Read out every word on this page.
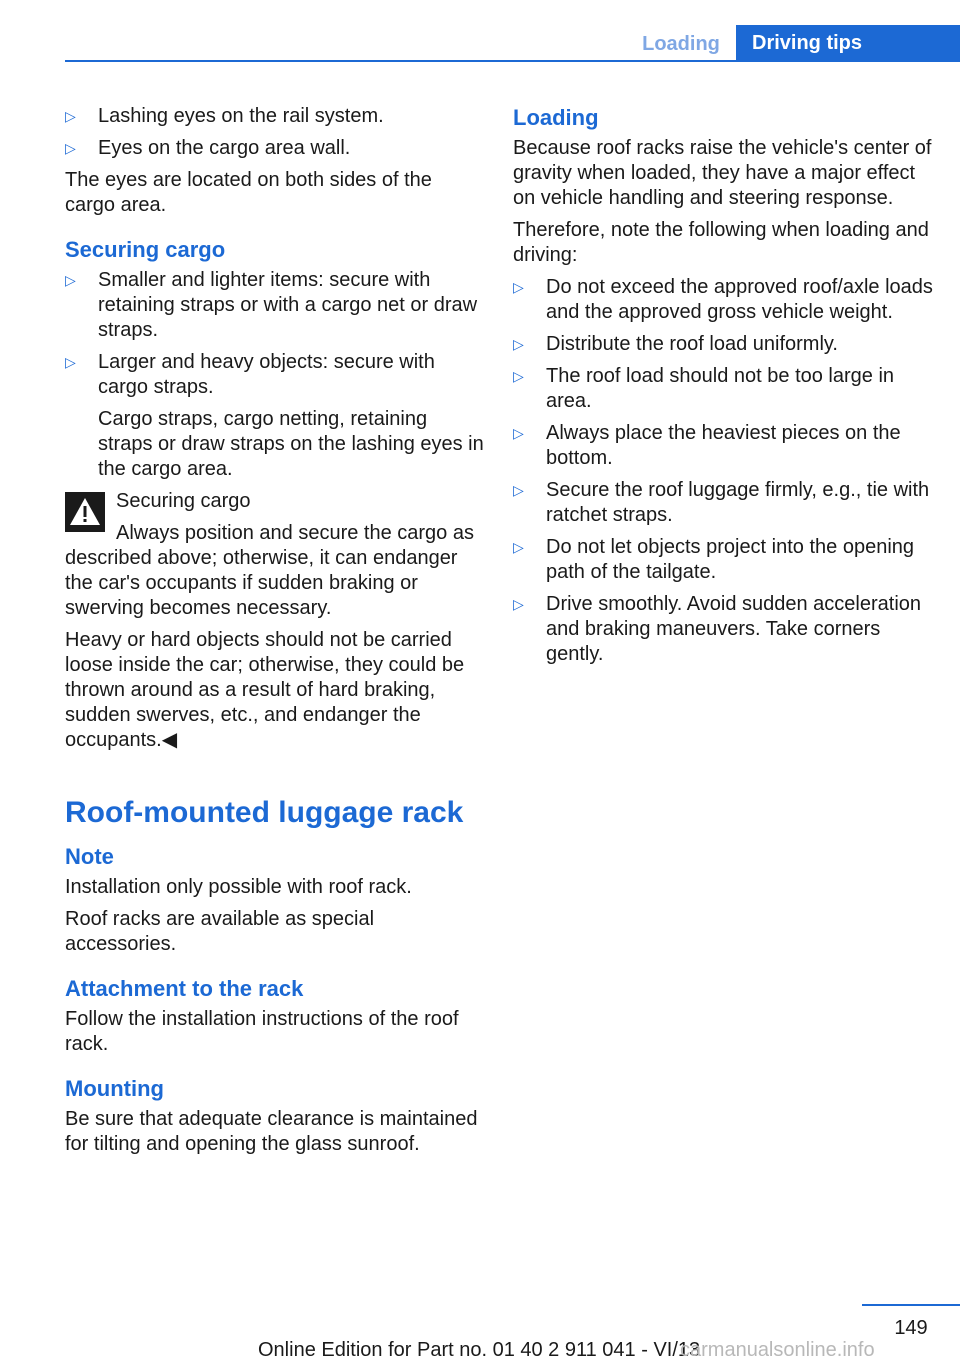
Loading	Driving tips
▷ Lashing eyes on the rail system.
▷ Eyes on the cargo area wall.

The eyes are located on both sides of the cargo area.

Securing cargo
▷ Smaller and lighter items: secure with retaining straps or with a cargo net or draw straps.
▷ Larger and heavy objects: secure with cargo straps.
Cargo straps, cargo netting, retaining straps or draw straps on the lashing eyes in the cargo area.

Securing cargo

Always position and secure the cargo as

described above; otherwise, it can endanger the car's occupants if sudden braking or swerving becomes necessary.

Heavy or hard objects should not be carried loose inside the car; otherwise, they could be thrown around as a result of hard braking, sudden swerves, etc., and endanger the occupants.◀

Roof-mounted luggage rack
Note

Installation only possible with roof rack.

Roof racks are available as special accessories.

Attachment to the rack

Follow the installation instructions of the roof rack.

Mounting

Be sure that adequate clearance is maintained for tilting and opening the glass sunroof.

Loading

Because roof racks raise the vehicle's center of gravity when loaded, they have a major effect on vehicle handling and steering response.

Therefore, note the following when loading and driving:

▷ Do not exceed the approved roof/axle loads and the approved gross vehicle weight.
▷ Distribute the roof load uniformly.
▷ The roof load should not be too large in area.
▷ Always place the heaviest pieces on the bottom.
▷ Secure the roof luggage firmly, e.g., tie with ratchet straps.
▷ Do not let objects project into the opening path of the tailgate.
▷ Drive smoothly. Avoid sudden acceleration and braking maneuvers. Take corners gently.
149
Online Edition for Part no. 01 40 2 911 041 - VI/13
carmanualsonline.info
